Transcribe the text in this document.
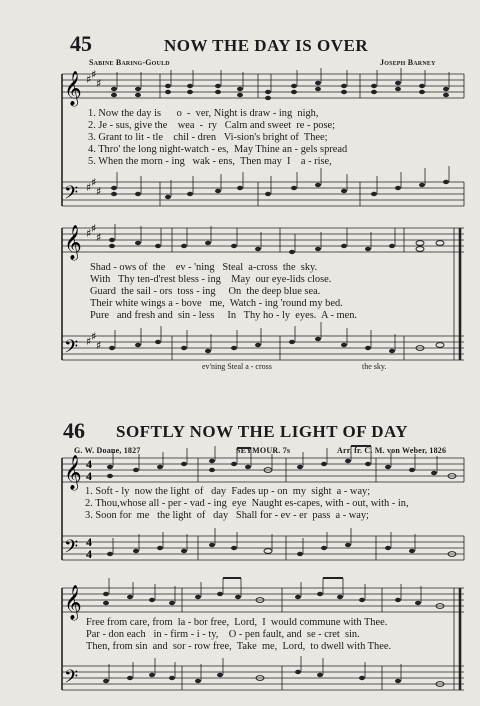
45	NOW THE DAY IS OVER
Sabine Baring-Gould	Joseph Barney
𝄞
𝄢
♯ ♯
♯
♯ ♯
♯
1. Now the day is      o  -  ver, Night is draw - ing  nigh,
2. Je - sus, give the    wea  -  ry   Calm and sweet  re - pose;
3. Grant to lit - tle    chil - dren   Vi-sion's bright of  Thee;
4. Thro' the long night-watch - es,  May Thine an - gels spread
5. When the morn - ing   wak - ens,  Then may  I    a - rise,
𝄞
𝄢
♯ ♯
♯
♯ ♯
♯
Shad - ows of  the    ev - 'ning   Steal  a-cross  the  sky.
With   Thy ten-d'rest bless - ing    May  our eye-lids close.
Guard  the sail - ors  toss - ing     On  the deep blue sea.
Their white wings a - bove   me,  Watch - ing 'round my bed.
Pure   and fresh and  sin - less     In   Thy ho - ly  eyes.  A - men.
ev'ning Steal a - cross	the sky.
46 SOFTLY NOW THE LIGHT OF DAY
G. W. Doane, 1827	SEYMOUR. 7s	Arr. fr. C. M. von Weber, 1826
𝄞
𝄢
4
4
4
4
1. Soft - ly  now the light  of   day  Fades up - on  my  sight  a - way;
2. Thou,whose all - per - vad - ing  eye  Naught es-capes, with - out, with - in,
3. Soon for  me   the light  of   day   Shall for - ev - er  pass  a - way;
𝄞
𝄢
Free from care, from  la - bor free,  Lord,  I  would commune with Thee.
Par - don each   in - firm - i - ty,    O - pen fault, and  se - cret  sin.
Then, from sin  and  sor - row free,  Take  me,  Lord,  to dwell with Thee.
